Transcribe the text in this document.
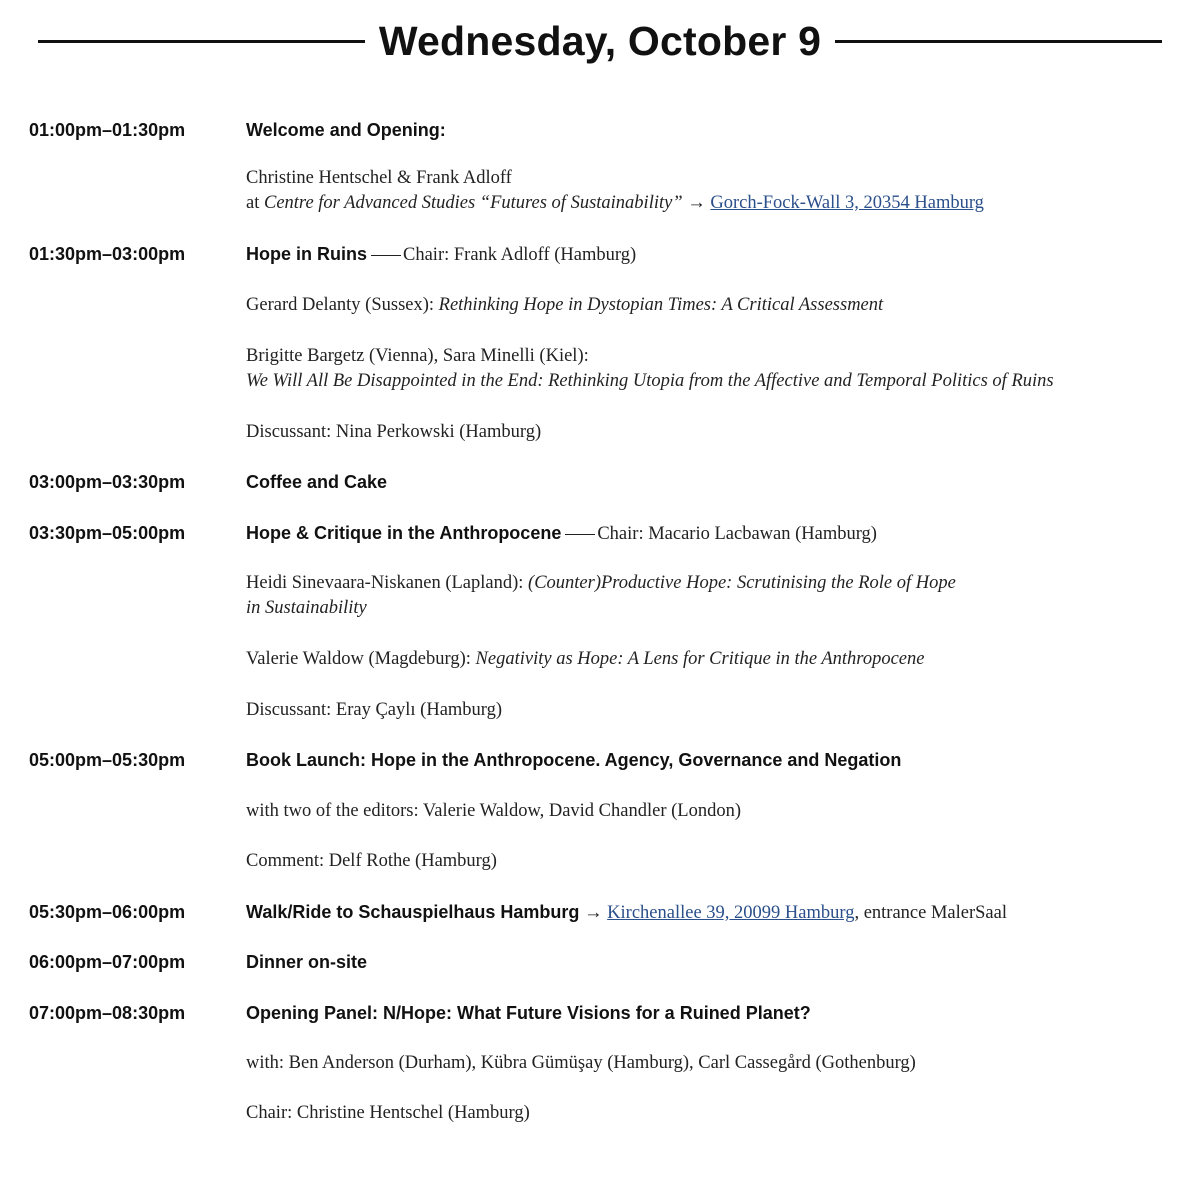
Wednesday, October 9
01:00pm–01:30pm	Welcome and Opening:
Christine Hentschel & Frank Adloff
at Centre for Advanced Studies “Futures of Sustainability” → Gorch-Fock-Wall 3, 20354 Hamburg
01:30pm–03:00pm	Hope in Ruins Chair: Frank Adloff (Hamburg)
Gerard Delanty (Sussex): Rethinking Hope in Dystopian Times: A Critical Assessment
Brigitte Bargetz (Vienna), Sara Minelli (Kiel):
We Will All Be Disappointed in the End: Rethinking Utopia from the Affective and Temporal Politics of Ruins
Discussant: Nina Perkowski (Hamburg)
03:00pm–03:30pm	Coffee and Cake
03:30pm–05:00pm	Hope & Critique in the Anthropocene Chair: Macario Lacbawan (Hamburg)
Heidi Sinevaara-Niskanen (Lapland): (Counter)Productive Hope: Scrutinising the Role of Hope
in Sustainability
Valerie Waldow (Magdeburg): Negativity as Hope: A Lens for Critique in the Anthropocene
Discussant: Eray Çaylı (Hamburg)
05:00pm–05:30pm	Book Launch: Hope in the Anthropocene. Agency, Governance and Negation
with two of the editors: Valerie Waldow, David Chandler (London)
Comment: Delf Rothe (Hamburg)
05:30pm–06:00pm	Walk/Ride to Schauspielhaus Hamburg → Kirchenallee 39, 20099 Hamburg, entrance MalerSaal
06:00pm–07:00pm	Dinner on-site
07:00pm–08:30pm	Opening Panel: N/Hope: What Future Visions for a Ruined Planet?
with: Ben Anderson (Durham), Kübra Gümüşay (Hamburg), Carl Cassegård (Gothenburg)
Chair: Christine Hentschel (Hamburg)
